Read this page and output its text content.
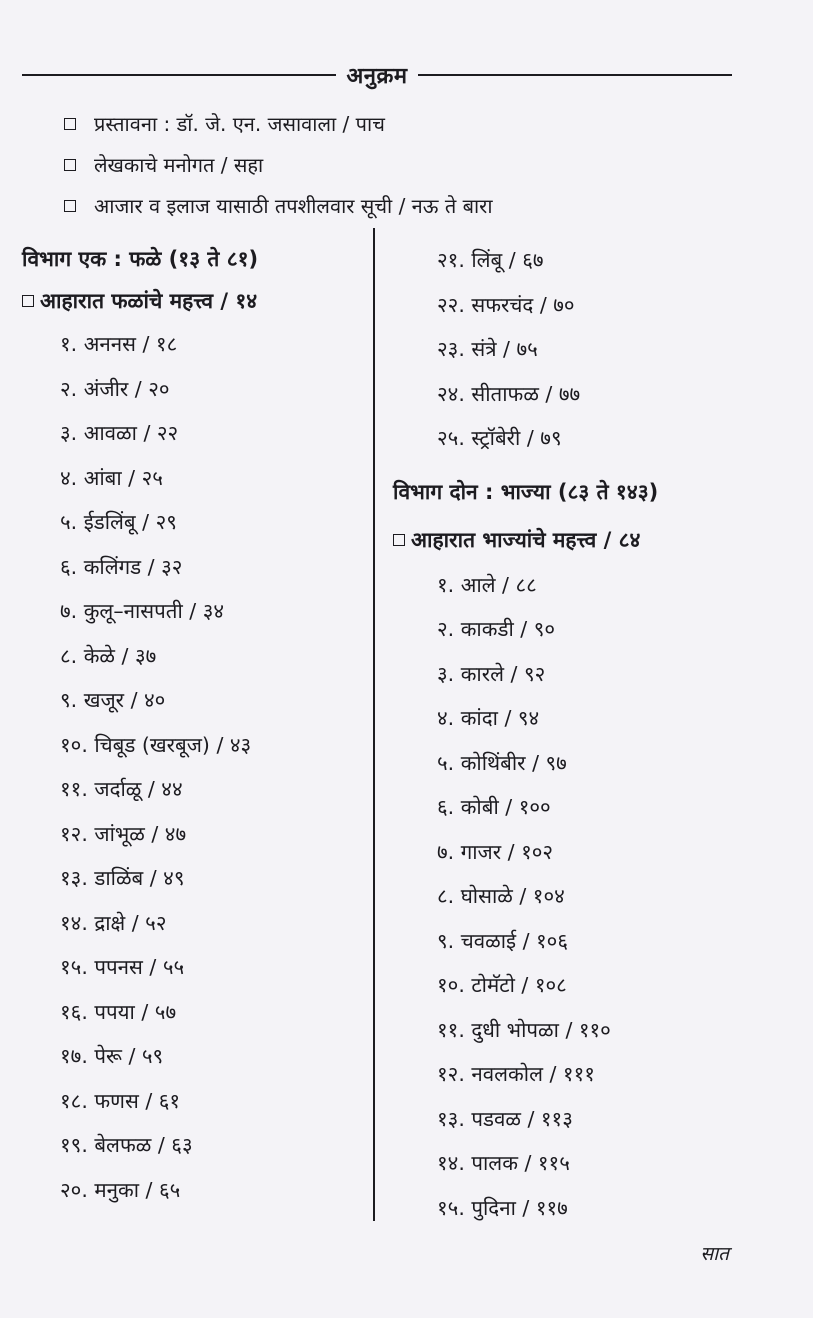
अनुक्रम
प्रस्तावना : डॉ. जे. एन. जसावाला / पाच
लेखकाचे मनोगत / सहा
आजार व इलाज यासाठी तपशीलवार सूची / नऊ ते बारा
विभाग एक : फळे (१३ ते ८१)
आहारात फळांचे महत्त्व / १४
१. अननस / १८
२. अंजीर / २०
३. आवळा / २२
४. आंबा / २५
५. ईडलिंबू / २९
६. कलिंगड / ३२
७. कुलू–नासपती / ३४
८. केळे / ३७
९. खजूर / ४०
१०. चिबूड (खरबूज) / ४३
११. जर्दाळू / ४४
१२. जांभूळ / ४७
१३. डाळिंब / ४९
१४. द्राक्षे / ५२
१५. पपनस / ५५
१६. पपया / ५७
१७. पेरू / ५९
१८. फणस / ६१
१९. बेलफळ / ६३
२०. मनुका / ६५
२१. लिंबू / ६७
२२. सफरचंद / ७०
२३. संत्रे / ७५
२४. सीताफळ / ७७
२५. स्ट्रॉबेरी / ७९
विभाग दोन : भाज्या (८३ ते १४३)
आहारात भाज्यांचे महत्त्व / ८४
१. आले / ८८
२. काकडी / ९०
३. कारले / ९२
४. कांदा / ९४
५. कोथिंबीर / ९७
६. कोबी / १००
७. गाजर / १०२
८. घोसाळे / १०४
९. चवळाई / १०६
१०. टोमॅटो / १०८
११. दुधी भोपळा / ११०
१२. नवलकोल / १११
१३. पडवळ / ११३
१४. पालक / ११५
१५. पुदिना / ११७
सात
